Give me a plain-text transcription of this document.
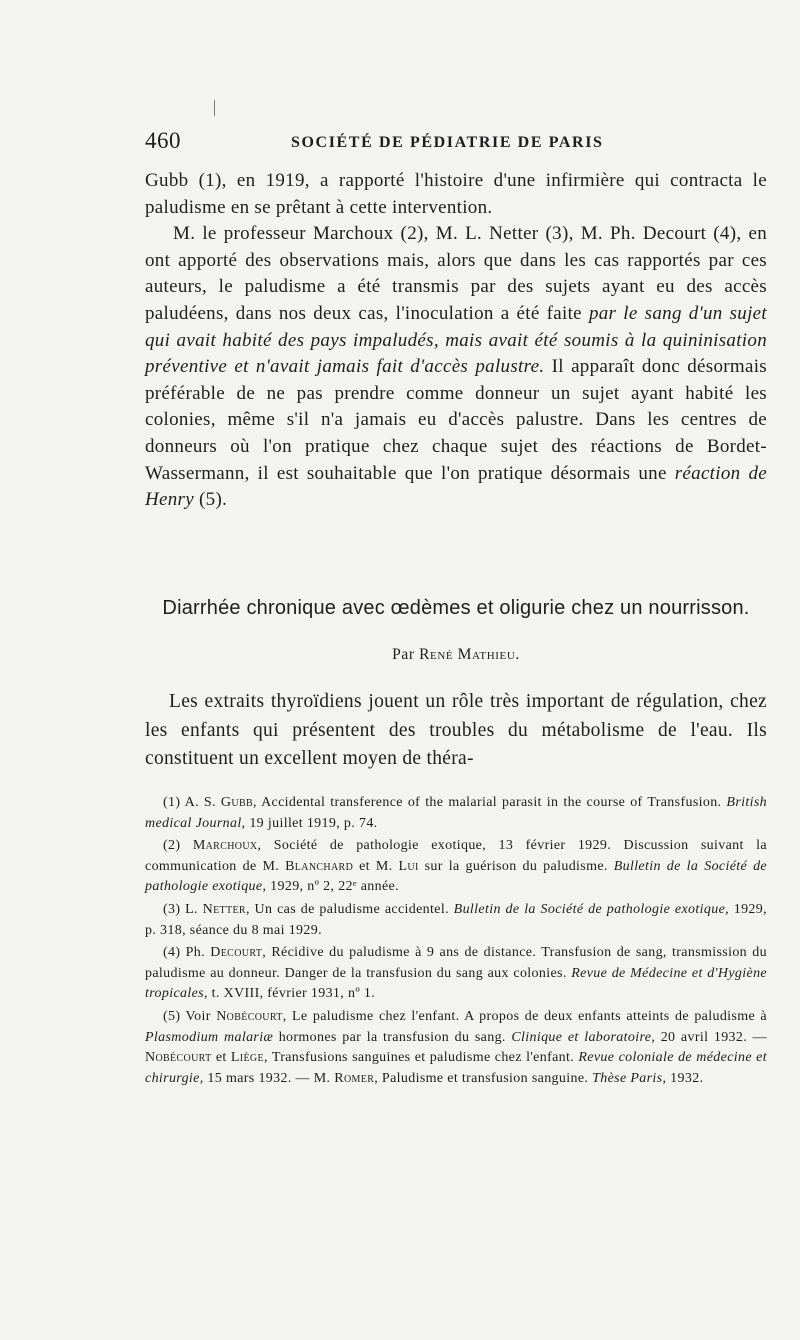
460	SOCIÉTÉ DE PÉDIATRIE DE PARIS

Gubb (1), en 1919, a rapporté l'histoire d'une infirmière qui contracta le paludisme en se prêtant à cette intervention.

M. le professeur Marchoux (2), M. L. Netter (3), M. Ph. Decourt (4), en ont apporté des observations mais, alors que dans les cas rapportés par ces auteurs, le paludisme a été transmis par des sujets ayant eu des accès paludéens, dans nos deux cas, l'inoculation a été faite par le sang d'un sujet qui avait habité des pays impaludés, mais avait été soumis à la quininisation préventive et n'avait jamais fait d'accès palustre. Il apparaît donc désormais préférable de ne pas prendre comme donneur un sujet ayant habité les colonies, même s'il n'a jamais eu d'accès palustre. Dans les centres de donneurs où l'on pratique chez chaque sujet des réactions de Bordet-Wassermann, il est souhaitable que l'on pratique désormais une réaction de Henry (5).

Diarrhée chronique avec œdèmes et oligurie chez un nourrisson.
Par René Mathieu.

Les extraits thyroïdiens jouent un rôle très important de régulation, chez les enfants qui présentent des troubles du métabolisme de l'eau. Ils constituent un excellent moyen de théra-

(1) A. S. Gubb, Accidental transference of the malarial parasit in the course of Transfusion. British medical Journal, 19 juillet 1919, p. 74.

(2) Marchoux, Société de pathologie exotique, 13 février 1929. Discussion suivant la communication de M. Blanchard et M. Lui sur la guérison du paludisme. Bulletin de la Société de pathologie exotique, 1929, nº 2, 22ᵉ année.

(3) L. Netter, Un cas de paludisme accidentel. Bulletin de la Société de pathologie exotique, 1929, p. 318, séance du 8 mai 1929.

(4) Ph. Decourt, Récidive du paludisme à 9 ans de distance. Transfusion de sang, transmission du paludisme au donneur. Danger de la transfusion du sang aux colonies. Revue de Médecine et d'Hygiène tropicales, t. XVIII, février 1931, nº 1.

(5) Voir Nobécourt, Le paludisme chez l'enfant. A propos de deux enfants atteints de paludisme à Plasmodium malariæ hormones par la transfusion du sang. Clinique et laboratoire, 20 avril 1932. — Nobécourt et Liège, Transfusions sanguines et paludisme chez l'enfant. Revue coloniale de médecine et chirurgie, 15 mars 1932. — M. Romer, Paludisme et transfusion sanguine. Thèse Paris, 1932.
